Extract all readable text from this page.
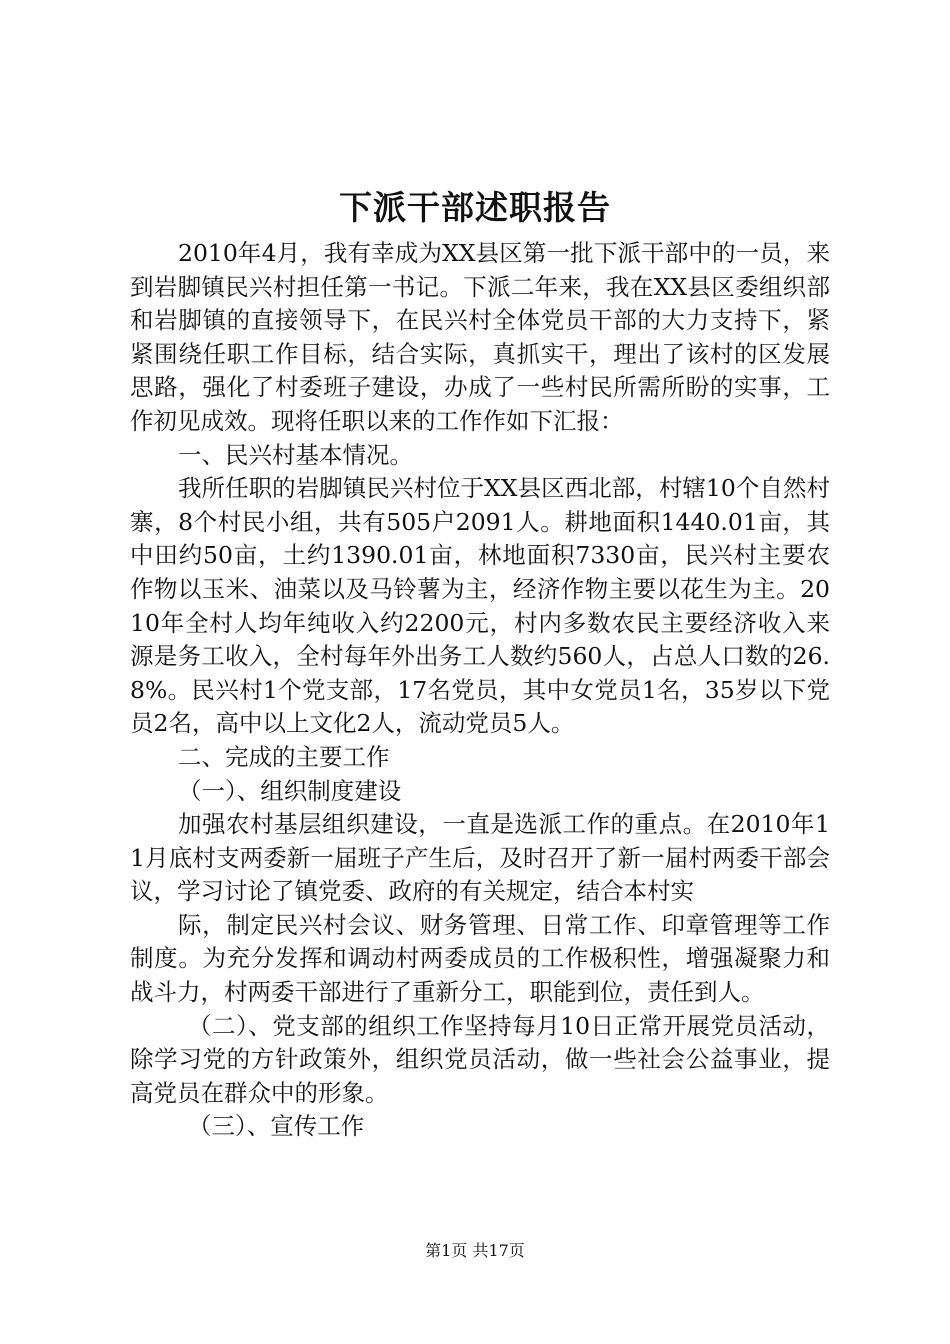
下派干部述职报告

2010年4月，我有幸成为XX县区第一批下派干部中的一员，来到岩脚镇民兴村担任第一书记。下派二年来，我在XX县区委组织部和岩脚镇的直接领导下，在民兴村全体党员干部的大力支持下，紧紧围绕任职工作目标，结合实际，真抓实干，理出了该村的区发展思路，强化了村委班子建设，办成了一些村民所需所盼的实事，工作初见成效。现将任职以来的工作作如下汇报：

一、民兴村基本情况。

我所任职的岩脚镇民兴村位于XX县区西北部，村辖10个自然村寨，8个村民小组，共有505户2091人。耕地面积1440.01亩，其中田约50亩，土约1390.01亩，林地面积7330亩，民兴村主要农作物以玉米、油菜以及马铃薯为主，经济作物主要以花生为主。2010年全村人均年纯收入约2200元，村内多数农民主要经济收入来源是务工收入，全村每年外出务工人数约560人，占总人口数的26.8%。民兴村1个党支部，17名党员，其中女党员1名，35岁以下党员2名，高中以上文化2人，流动党员5人。

二、完成的主要工作

（一）、组织制度建设

加强农村基层组织建设，一直是选派工作的重点。在2010年11月底村支两委新一届班子产生后，及时召开了新一届村两委干部会议，学习讨论了镇党委、政府的有关规定，结合本村实

际，制定民兴村会议、财务管理、日常工作、印章管理等工作制度。为充分发挥和调动村两委成员的工作极积性，增强凝聚力和战斗力，村两委干部进行了重新分工，职能到位，责任到人。

（二）、党支部的组织工作坚持每月10日正常开展党员活动，除学习党的方针政策外，组织党员活动，做一些社会公益事业，提高党员在群众中的形象。

（三）、宣传工作

第1页 共17页
